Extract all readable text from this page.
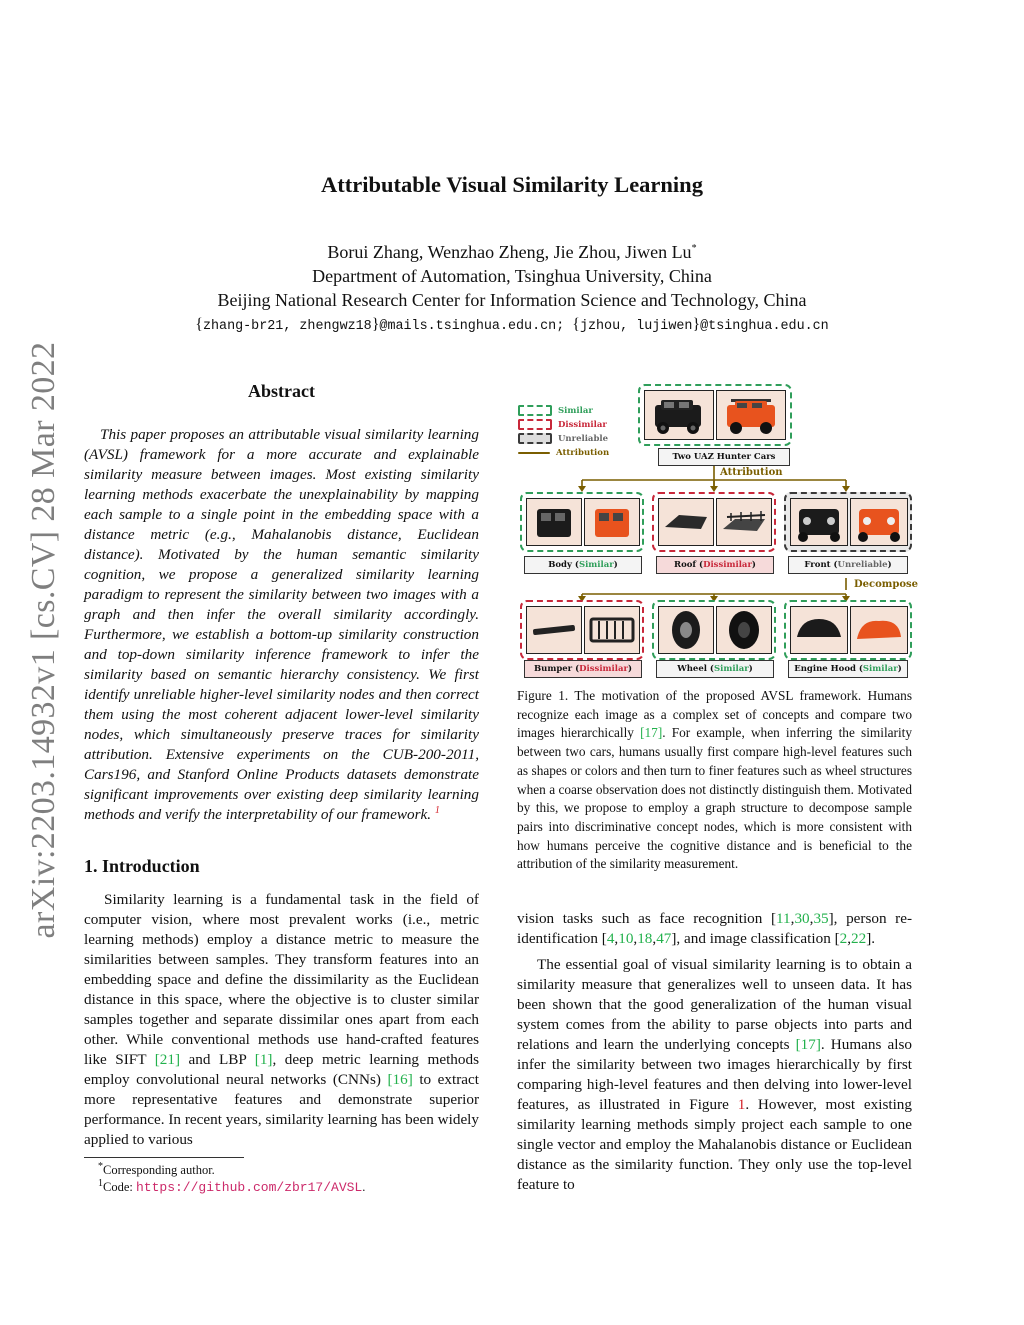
arXiv:2203.14932v1 [cs.CV] 28 Mar 2022
Attributable Visual Similarity Learning
Borui Zhang, Wenzhao Zheng, Jie Zhou, Jiwen Lu*
Department of Automation, Tsinghua University, China
Beijing National Research Center for Information Science and Technology, China
{zhang-br21, zhengwz18}@mails.tsinghua.edu.cn; {jzhou, lujiwen}@tsinghua.edu.cn
Abstract

This paper proposes an attributable visual similarity learning (AVSL) framework for a more accurate and explainable similarity measure between images. Most existing similarity learning methods exacerbate the unexplainability by mapping each sample to a single point in the embedding space with a distance metric (e.g., Mahalanobis distance, Euclidean distance). Motivated by the human semantic similarity cognition, we propose a generalized similarity learning paradigm to represent the similarity between two images with a graph and then infer the overall similarity accordingly. Furthermore, we establish a bottom-up similarity construction and top-down similarity inference framework to infer the similarity based on semantic hierarchy consistency. We first identify unreliable higher-level similarity nodes and then correct them using the most coherent adjacent lower-level similarity nodes, which simultaneously preserve traces for similarity attribution. Extensive experiments on the CUB-200-2011, Cars196, and Stanford Online Products datasets demonstrate significant improvements over existing deep similarity learning methods and verify the interpretability of our framework. $^1$

1. Introduction

Similarity learning is a fundamental task in the field of computer vision, where most prevalent works (i.e., metric learning methods) employ a distance metric to measure the similarities between samples. They transform features into an embedding space and define the dissimilarity as the Euclidean distance in this space, where the objective is to cluster similar samples together and separate dissimilar ones apart from each other. While conventional methods use hand-crafted features like SIFT [21] and LBP [1], deep metric learning methods employ convolutional neural networks (CNNs) [16] to extract more representative features and demonstrate superior performance. In recent years, similarity learning has been widely applied to various

*Corresponding author.
$^1$Code: https://github.com/zbr17/AVSL.
Similar
Dissimilar
Unreliable
Attribution	Two UAZ Hunter Cars
Attribution
Decompose
Body (Similar)	Roof (Dissimilar)	Front (Unreliable)
Bumper (Dissimilar)	Wheel (Similar)	Engine Hood (Similar)
Figure 1. The motivation of the proposed AVSL framework. Humans recognize each image as a complex set of concepts and compare two images hierarchically [17]. For example, when inferring the similarity between two cars, humans usually first compare high-level features such as shapes or colors and then turn to finer features such as wheel structures when a coarse observation does not distinctly distinguish them. Motivated by this, we propose to employ a graph structure to decompose sample pairs into discriminative concept nodes, which is more consistent with how humans perceive the cognitive distance and is beneficial to the attribution of the similarity measurement.

vision tasks such as face recognition [11,30,35], person re-identification [4,10,18,47], and image classification [2,22].

The essential goal of visual similarity learning is to obtain a similarity measure that generalizes well to unseen data. It has been shown that the good generalization of the human visual system comes from the ability to parse objects into parts and relations and learn the underlying concepts [17]. Humans also infer the similarity between two images hierarchically by first comparing high-level features and then delving into lower-level features, as illustrated in Figure 1. However, most existing similarity learning methods simply project each sample to one single vector and employ the Mahalanobis distance or Euclidean distance as the similarity function. They only use the top-level feature to
